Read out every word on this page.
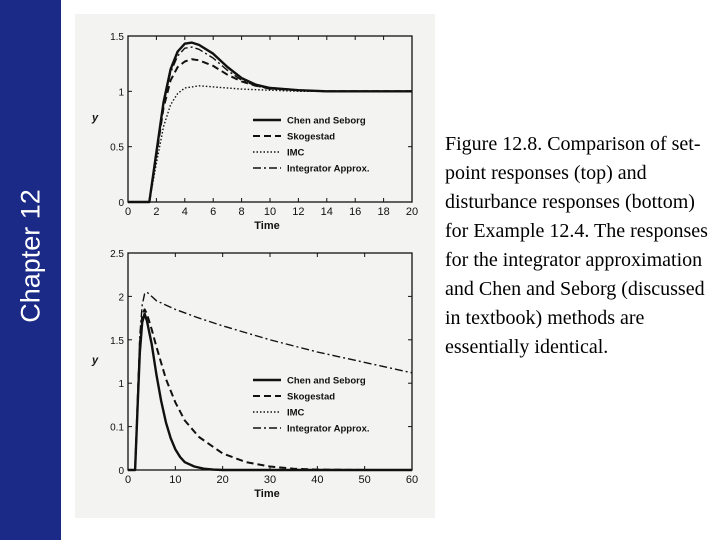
Chapter 12	0 2 4 6 8 10 12 14 16 18 20
0
0.5
1
1.5
Time
y	Chen and Seborg
Skogestad
IMC
Integrator Approx.
0	10	20	30	40	50	60
0
0.1
1
1.5
2
2.5
Time
y
Chen and Seborg
Skogestad
IMC
Integrator Approx.
Figure 12.8. Comparison of set-point responses (top) and disturbance responses (bottom) for Example 12.4. The responses for the integrator approximation and Chen and Seborg (discussed in textbook) methods are essentially identical.
